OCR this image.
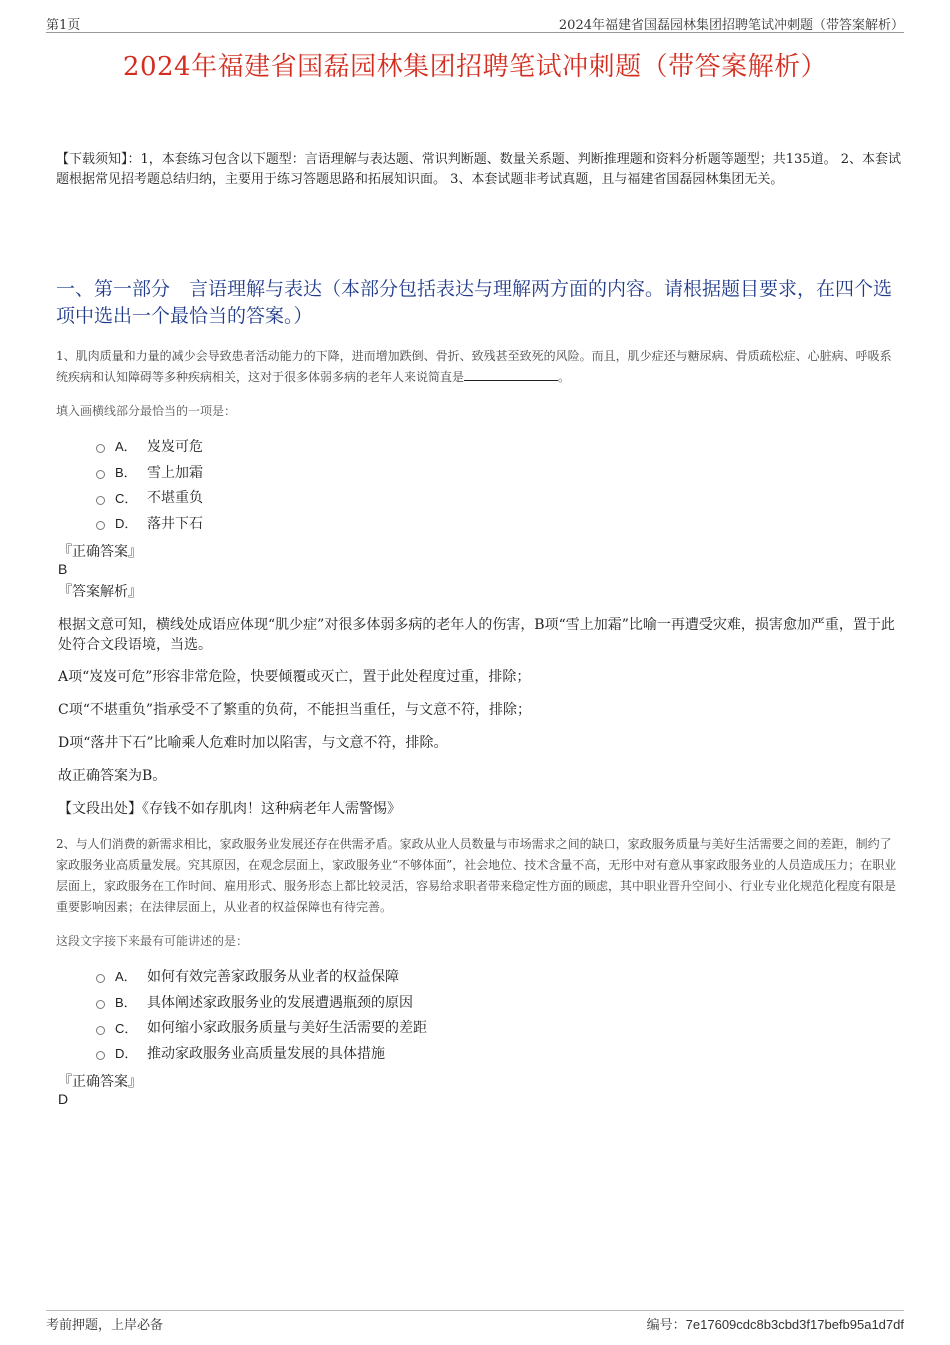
第1页	2024年福建省国磊园林集团招聘笔试冲刺题（带答案解析）
2024年福建省国磊园林集团招聘笔试冲刺题（带答案解析）
【下载须知】：1，本套练习包含以下题型：言语理解与表达题、常识判断题、数量关系题、判断推理题和资料分析题等题型；共135道。 2、本套试题根据常见招考题总结归纳，主要用于练习答题思路和拓展知识面。 3、本套试题非考试真题，且与福建省国磊园林集团无关。
一、第一部分　言语理解与表达（本部分包括表达与理解两方面的内容。请根据题目要求，在四个选项中选出一个最恰当的答案。）
1、肌肉质量和力量的减少会导致患者活动能力的下降，进而增加跌倒、骨折、致残甚至致死的风险。而且，肌少症还与糖尿病、骨质疏松症、心脏病、呼吸系统疾病和认知障碍等多种疾病相关，这对于很多体弱多病的老年人来说简直是	。
填入画横线部分最恰当的一项是：
A． 岌岌可危
B． 雪上加霜
C． 不堪重负
D． 落井下石
『正确答案』
B
『答案解析』

根据文意可知，横线处成语应体现“肌少症”对很多体弱多病的老年人的伤害，B项“雪上加霜”比喻一再遭受灾难，损害愈加严重，置于此处符合文段语境，当选。

A项“岌岌可危”形容非常危险，快要倾覆或灭亡，置于此处程度过重，排除；

C项“不堪重负”指承受不了繁重的负荷，不能担当重任，与文意不符，排除；

D项“落井下石”比喻乘人危难时加以陷害，与文意不符，排除。

故正确答案为B。

【文段出处】《存钱不如存肌肉！这种病老年人需警惕》

2、与人们消费的新需求相比，家政服务业发展还存在供需矛盾。家政从业人员数量与市场需求之间的缺口，家政服务质量与美好生活需要之间的差距，制约了家政服务业高质量发展。究其原因，在观念层面上，家政服务业“不够体面”，社会地位、技术含量不高，无形中对有意从事家政服务业的人员造成压力；在职业层面上，家政服务在工作时间、雇用形式、服务形态上都比较灵活，容易给求职者带来稳定性方面的顾虑，其中职业晋升空间小、行业专业化规范化程度有限是重要影响因素；在法律层面上，从业者的权益保障也有待完善。
这段文字接下来最有可能讲述的是：
A． 如何有效完善家政服务从业者的权益保障
B． 具体阐述家政服务业的发展遭遇瓶颈的原因
C． 如何缩小家政服务质量与美好生活需要的差距
D． 推动家政服务业高质量发展的具体措施
『正确答案』
D
考前押题，上岸必备	编号：7e17609cdc8b3cbd3f17befb95a1d7df
